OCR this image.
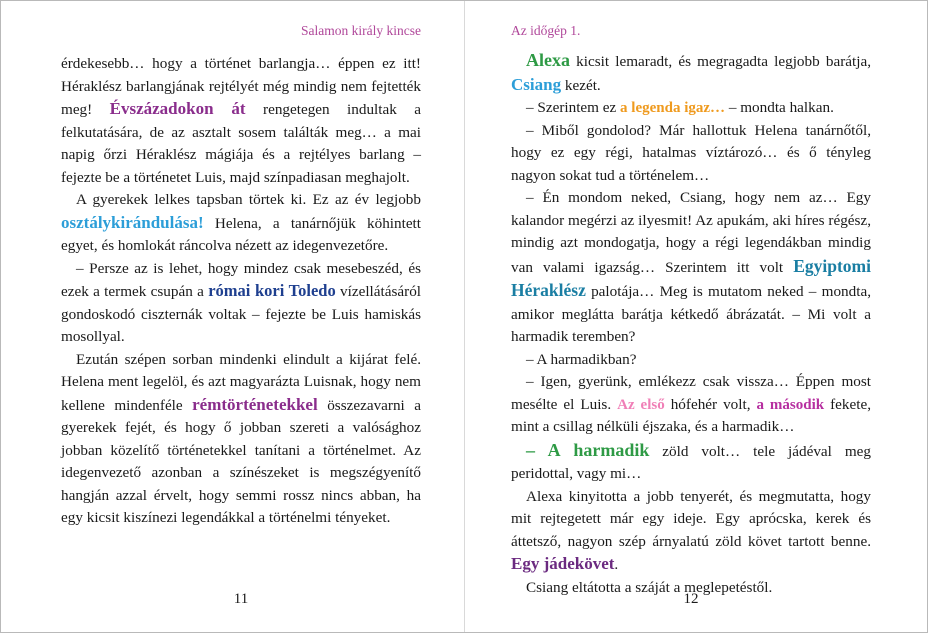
Salamon király kincse

érdekesebb… hogy a történet barlangja… éppen ez itt! Héraklész barlangjának rejtélyét még mindig nem fejtették meg! Évszázadokon át rengetegen indultak a felkutatására, de az asztalt sosem találták meg… a mai napig őrzi Héraklész mágiája és a rejtélyes barlang – fejezte be a történetet Luis, majd színpadiasan meghajolt.

A gyerekek lelkes tapsban törtek ki. Ez az év legjobb osztálykirándulása! Helena, a tanárnőjük köhintett egyet, és homlokát ráncolva nézett az idegenvezetőre.

– Persze az is lehet, hogy mindez csak mesebeszéd, és ezek a termek csupán a római kori Toledo vízellátásáról gondoskodó ciszternák voltak – fejezte be Luis hamiskás mosollyal.

Ezután szépen sorban mindenki elindult a kijárat felé. Helena ment legelöl, és azt magyarázta Luisnak, hogy nem kellene mindenféle rémtörténetekkel összezavarni a gyerekek fejét, és hogy ő jobban szereti a valósághoz jobban közelítő történetekkel tanítani a történelmet. Az idegenvezető azonban a színészeket is megszégyenítő hangján azzal érvelt, hogy semmi rossz nincs abban, ha egy kicsit kiszínezi legendákkal a történelmi tényeket.

11
Az időgép 1.

Alexa kicsit lemaradt, és megragadta legjobb barátja, Csiang kezét.

– Szerintem ez a legenda igaz… – mondta halkan.

– Miből gondolod? Már hallottuk Helena tanárnőtől, hogy ez egy régi, hatalmas víztározó… és ő tényleg nagyon sokat tud a történelem…

– Én mondom neked, Csiang, hogy nem az… Egy kalandor megérzi az ilyesmit! Az apukám, aki híres régész, mindig azt mondogatja, hogy a régi legendákban mindig van valami igazság… Szerintem itt volt Egyiptomi Héraklész palotája… Meg is mutatom neked – mondta, amikor meglátta barátja kétkedő ábrázatát. – Mi volt a harmadik teremben?

– A harmadikban?

– Igen, gyerünk, emlékezz csak vissza… Éppen most mesélte el Luis. Az első hófehér volt, a második fekete, mint a csillag nélküli éjszaka, és a harmadik…

– A harmadik zöld volt… tele jádéval meg peridottal, vagy mi…

Alexa kinyitotta a jobb tenyerét, és megmutatta, hogy mit rejtegetett már egy ideje. Egy aprócska, kerek és áttetsző, nagyon szép árnyalatú zöld követ tartott benne. Egy jádekövet.

Csiang eltátotta a száját a meglepetéstől.

12
